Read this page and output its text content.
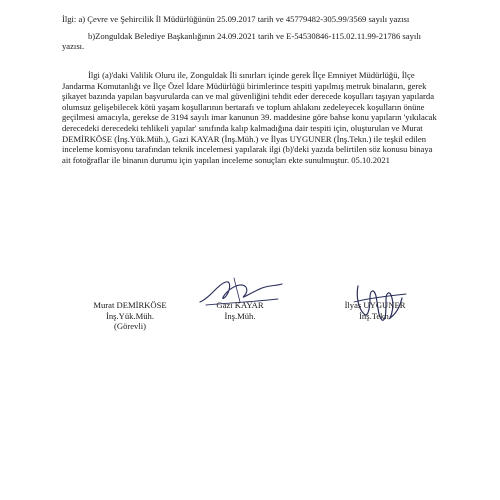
İlgi: a) Çevre ve Şehircilik İl Müdürlüğünün 25.09.2017 tarih ve 45779482-305.99/3569 sayılı yazısı

b)Zonguldak Belediye Başkanlığının 24.09.2021 tarih ve E-54530846-115.02.11.99-21786 sayılı yazısı.

İlgi (a)'daki Valilik Oluru ile, Zonguldak İli sınırları içinde gerek İlçe Emniyet Müdürlüğü, İlçe Jandarma Komutanlığı ve İlçe Özel İdare Müdürlüğü birimlerince tespiti yapılmış metruk binaların, gerek şikayet bazında yapılan başvurularda can ve mal güvenliğini tehdit eder derecede koşulları taşıyan yapılarda olumsuz gelişebilecek kötü yaşam koşullarının bertarafı ve toplum ahlakını zedeleyecek koşulların önüne geçilmesi amacıyla, gerekse de 3194 sayılı imar kanunun 39. maddesine göre bahse konu yapıların 'yıkılacak derecedeki derecedeki tehlikeli yapılar' sınıfında kalıp kalmadığına dair tespiti için, oluşturulan ve Murat DEMİRKÖSE (İnş.Yük.Müh.), Gazi KAYAR (İnş.Müh.) ve İlyas UYGUNER (İnş.Tekn.) ile teşkil edilen inceleme komisyonu tarafından teknik incelemesi yapılarak ilgi (b)'deki yazıda belirtilen söz konusu binaya ait fotoğraflar ile binanın durumu için yapılan inceleme sonuçları ekte sunulmuştur. 05.10.2021

Murat DEMİRKÖSE
İnş.Yük.Müh.
(Görevli)
Gazi KAYAR
İnş.Müh.
İlyas UYGUNER
İnş.Tekn.
